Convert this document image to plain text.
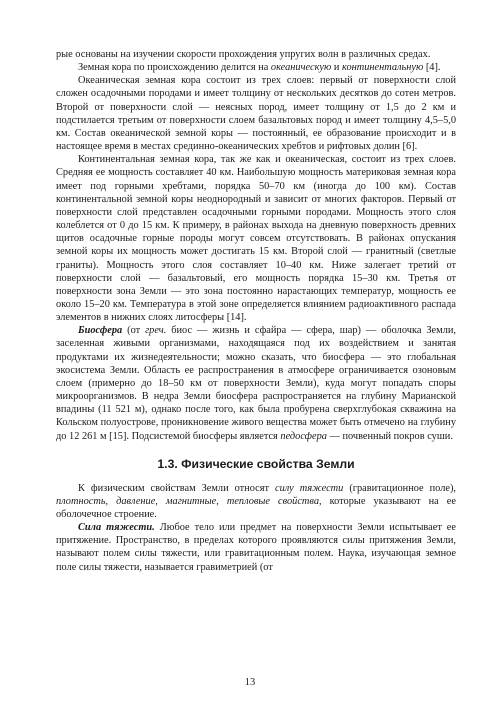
рые основаны на изучении скорости прохождения упругих волн в различных средах.

Земная кора по происхождению делится на океаническую и континентальную [4].

Океаническая земная кора состоит из трех слоев: первый от поверхности слой сложен осадочными породами и имеет толщину от нескольких десятков до сотен метров. Второй от поверхности слой — неясных пород, имеет толщину от 1,5 до 2 км и подстилается третьим от поверхности слоем базальтовых пород и имеет толщину 4,5–5,0 км. Состав океанической земной коры — постоянный, ее образование происходит и в настоящее время в местах срединно-океанических хребтов и рифтовых долин [6].

Континентальная земная кора, так же как и океаническая, состоит из трех слоев. Средняя ее мощность составляет 40 км. Наибольшую мощность материковая земная кора имеет под горными хребтами, порядка 50–70 км (иногда до 100 км). Состав континентальной земной коры неоднородный и зависит от многих факторов. Первый от поверхности слой представлен осадочными горными породами. Мощность этого слоя колеблется от 0 до 15 км. К примеру, в районах выхода на дневную поверхность древних щитов осадочные горные породы могут совсем отсутствовать. В районах опускания земной коры их мощность может достигать 15 км. Второй слой — гранитный (светлые граниты). Мощность этого слоя составляет 10–40 км. Ниже залегает третий от поверхности слой — базальтовый, его мощность порядка 15–30 км. Третья от поверхности зона Земли — это зона постоянно нарастающих температур, мощность ее около 15–20 км. Температура в этой зоне определяется влиянием радиоактивного распада элементов в нижних слоях литосферы [14].

Биосфера (от греч. биос — жизнь и сфайра — сфера, шар) — оболочка Земли, заселенная живыми организмами, находящаяся под их воздействием и занятая продуктами их жизнедеятельности; можно сказать, что биосфера — это глобальная экосистема Земли. Область ее распространения в атмосфере ограничивается озоновым слоем (примерно до 18–50 км от поверхности Земли), куда могут попадать споры микроорганизмов. В недра Земли биосфера распространяется на глубину Марианской впадины (11 521 м), однако после того, как была пробурена сверхглубокая скважина на Кольском полуострове, проникновение живого вещества может быть отмечено на глубину до 12 261 м [15]. Подсистемой биосферы является педосфера — почвенный покров суши.

1.3. Физические свойства Земли

К физическим свойствам Земли относят силу тяжести (гравитационное поле), плотность, давление, магнитные, тепловые свойства, которые указывают на ее оболочечное строение.

Сила тяжести. Любое тело или предмет на поверхности Земли испытывает ее притяжение. Пространство, в пределах которого проявляются силы притяжения Земли, называют полем силы тяжести, или гравитационным полем. Наука, изучающая земное поле силы тяжести, называется гравиметрией (от

13
